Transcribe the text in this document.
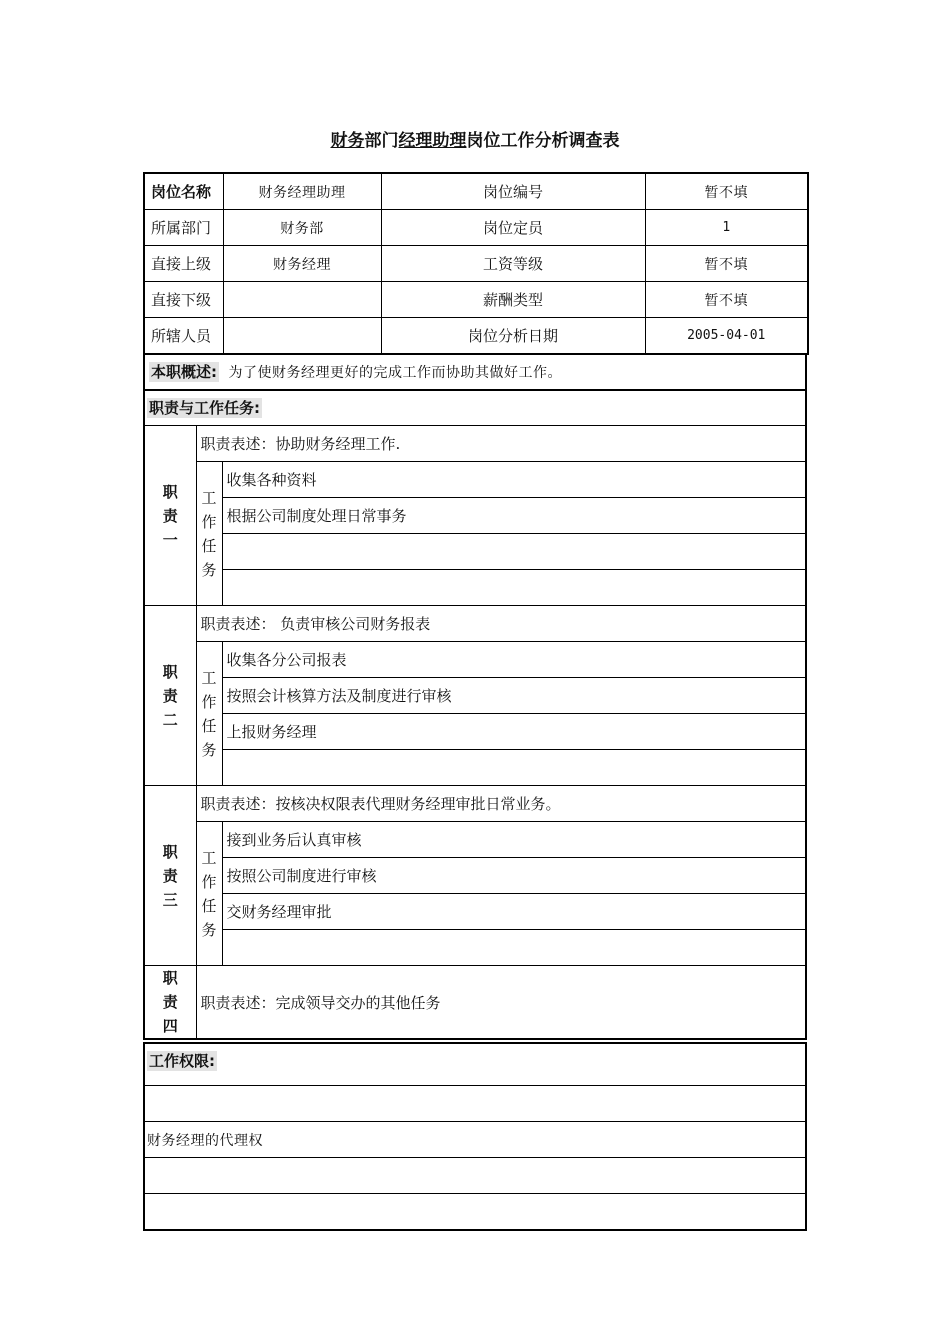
财务部门经理助理岗位工作分析调查表
岗位名称	财务经理助理	岗位编号	暂不填
所属部门	财务部	岗位定员	1
直接上级	财务经理	工资等级	暂不填
直接下级		薪酬类型	暂不填
所辖人员		岗位分析日期	2005-04-01
本职概述: 为了使财务经理更好的完成工作而协助其做好工作。
职责与工作任务:		
职责一	职责表述：协助财务经理工作.	
	工作任务	收集各种资料
		根据公司制度处理日常事务

职责二	职责表述： 负责审核公司财务报表	
	工作任务	收集各分公司报表
		按照会计核算方法及制度进行审核
		上报财务经理

职责三	职责表述：按核决权限表代理财务经理审批日常业务。	
	工作任务	接到业务后认真审核
		按照公司制度进行审核
		交财务经理审批

职责四	职责表述：完成领导交办的其他任务	
工作权限:

财务经理的代理权
